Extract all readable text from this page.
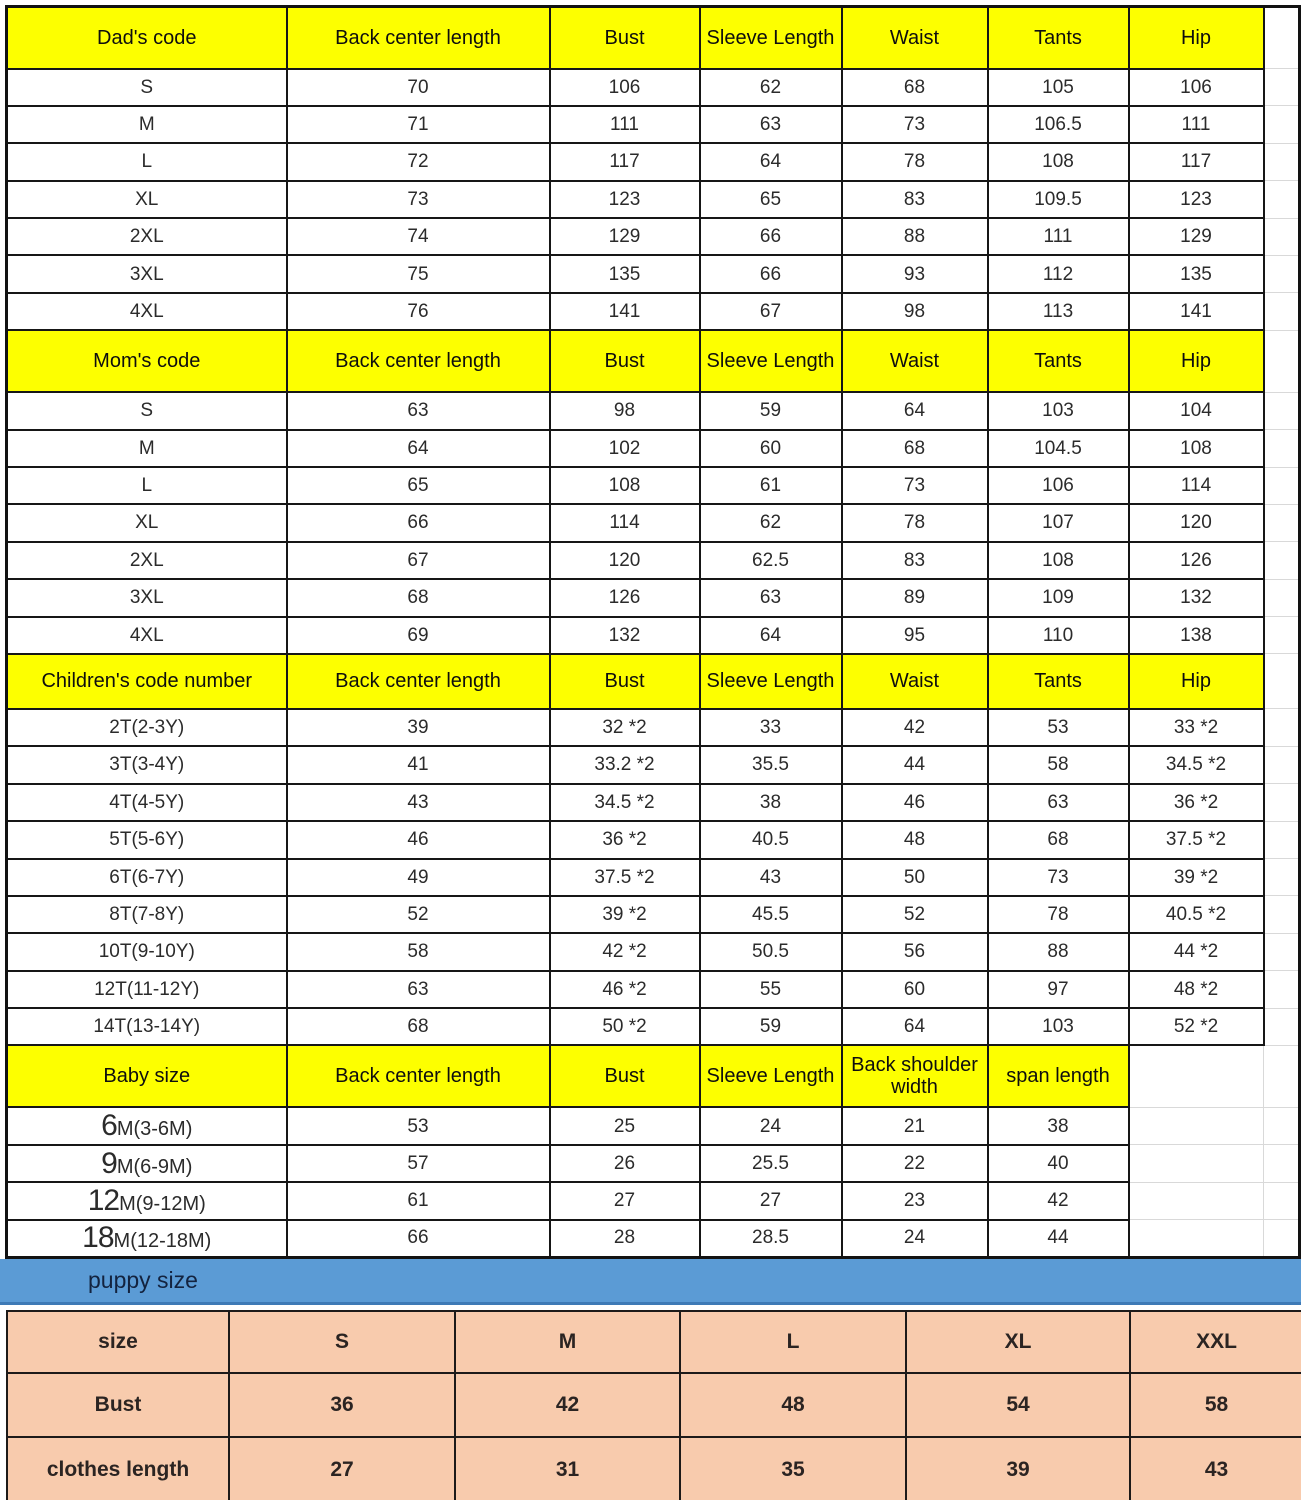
Dad's code	Back center length	Bust	Sleeve Length	Waist	Tants	Hip	
S	70	106	62	68	105	106	
M	71	111	63	73	106.5	111	
L	72	117	64	78	108	117	
XL	73	123	65	83	109.5	123	
2XL	74	129	66	88	111	129	
3XL	75	135	66	93	112	135	
4XL	76	141	67	98	113	141	
Mom's code	Back center length	Bust	Sleeve Length	Waist	Tants	Hip	
S	63	98	59	64	103	104	
M	64	102	60	68	104.5	108	
L	65	108	61	73	106	114	
XL	66	114	62	78	107	120	
2XL	67	120	62.5	83	108	126	
3XL	68	126	63	89	109	132	
4XL	69	132	64	95	110	138	
Children's code number	Back center length	Bust	Sleeve Length	Waist	Tants	Hip	
2T(2-3Y)	39	32 *2	33	42	53	33 *2	
3T(3-4Y)	41	33.2 *2	35.5	44	58	34.5 *2	
4T(4-5Y)	43	34.5 *2	38	46	63	36 *2	
5T(5-6Y)	46	36 *2	40.5	48	68	37.5 *2	
6T(6-7Y)	49	37.5 *2	43	50	73	39 *2	
8T(7-8Y)	52	39 *2	45.5	52	78	40.5 *2	
10T(9-10Y)	58	42 *2	50.5	56	88	44 *2	
12T(11-12Y)	63	46 *2	55	60	97	48 *2	
14T(13-14Y)	68	50 *2	59	64	103	52 *2	
Baby size	Back center length	Bust	Sleeve Length	Back shoulder width	span length		
6M(3-6M)	53	25	24	21	38		
9M(6-9M)	57	26	25.5	22	40		
12M(9-12M)	61	27	27	23	42		
18M(12-18M)	66	28	28.5	24	44		
puppy size
size	S	M	L	XL	XXL
Bust	36	42	48	54	58
clothes length	27	31	35	39	43
